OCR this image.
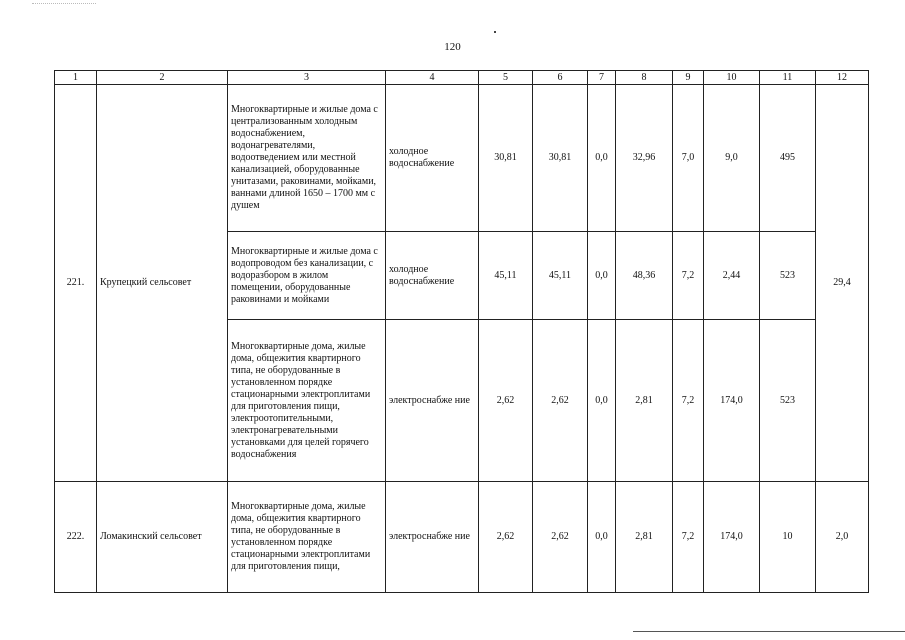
120
1	2	3	4	5	6	7	8	9	10	11	12
221.	Крупецкий сельсовет	Многоквартирные и жилые дома с централизованным холодным водоснабжением, водонагревателями, водоотведением или местной канализацией, оборудованные унитазами, раковинами, мойками, ваннами длиной 1650 – 1700 мм с душем	холодное водоснабжение	30,81	30,81	0,0	32,96	7,0	9,0	495	29,4
		Многоквартирные и жилые дома с водопроводом без канализации, с водоразбором в жилом помещении, оборудованные раковинами и мойками	холодное водоснабжение	45,11	45,11	0,0	48,36	7,2	2,44	523	
		Многоквартирные дома, жилые дома, общежития квартирного типа, не оборудованные в установленном порядке стационарными электроплитами для приготовления пищи, электроотопительными, электронагревательными установками для целей горячего водоснабжения	электроснабже ние	2,62	2,62	0,0	2,81	7,2	174,0	523	
222.	Ломакинский сельсовет	Многоквартирные дома, жилые дома, общежития квартирного типа, не оборудованные в установленном порядке стационарными электроплитами для приготовления пищи,	электроснабже ние	2,62	2,62	0,0	2,81	7,2	174,0	10	2,0
